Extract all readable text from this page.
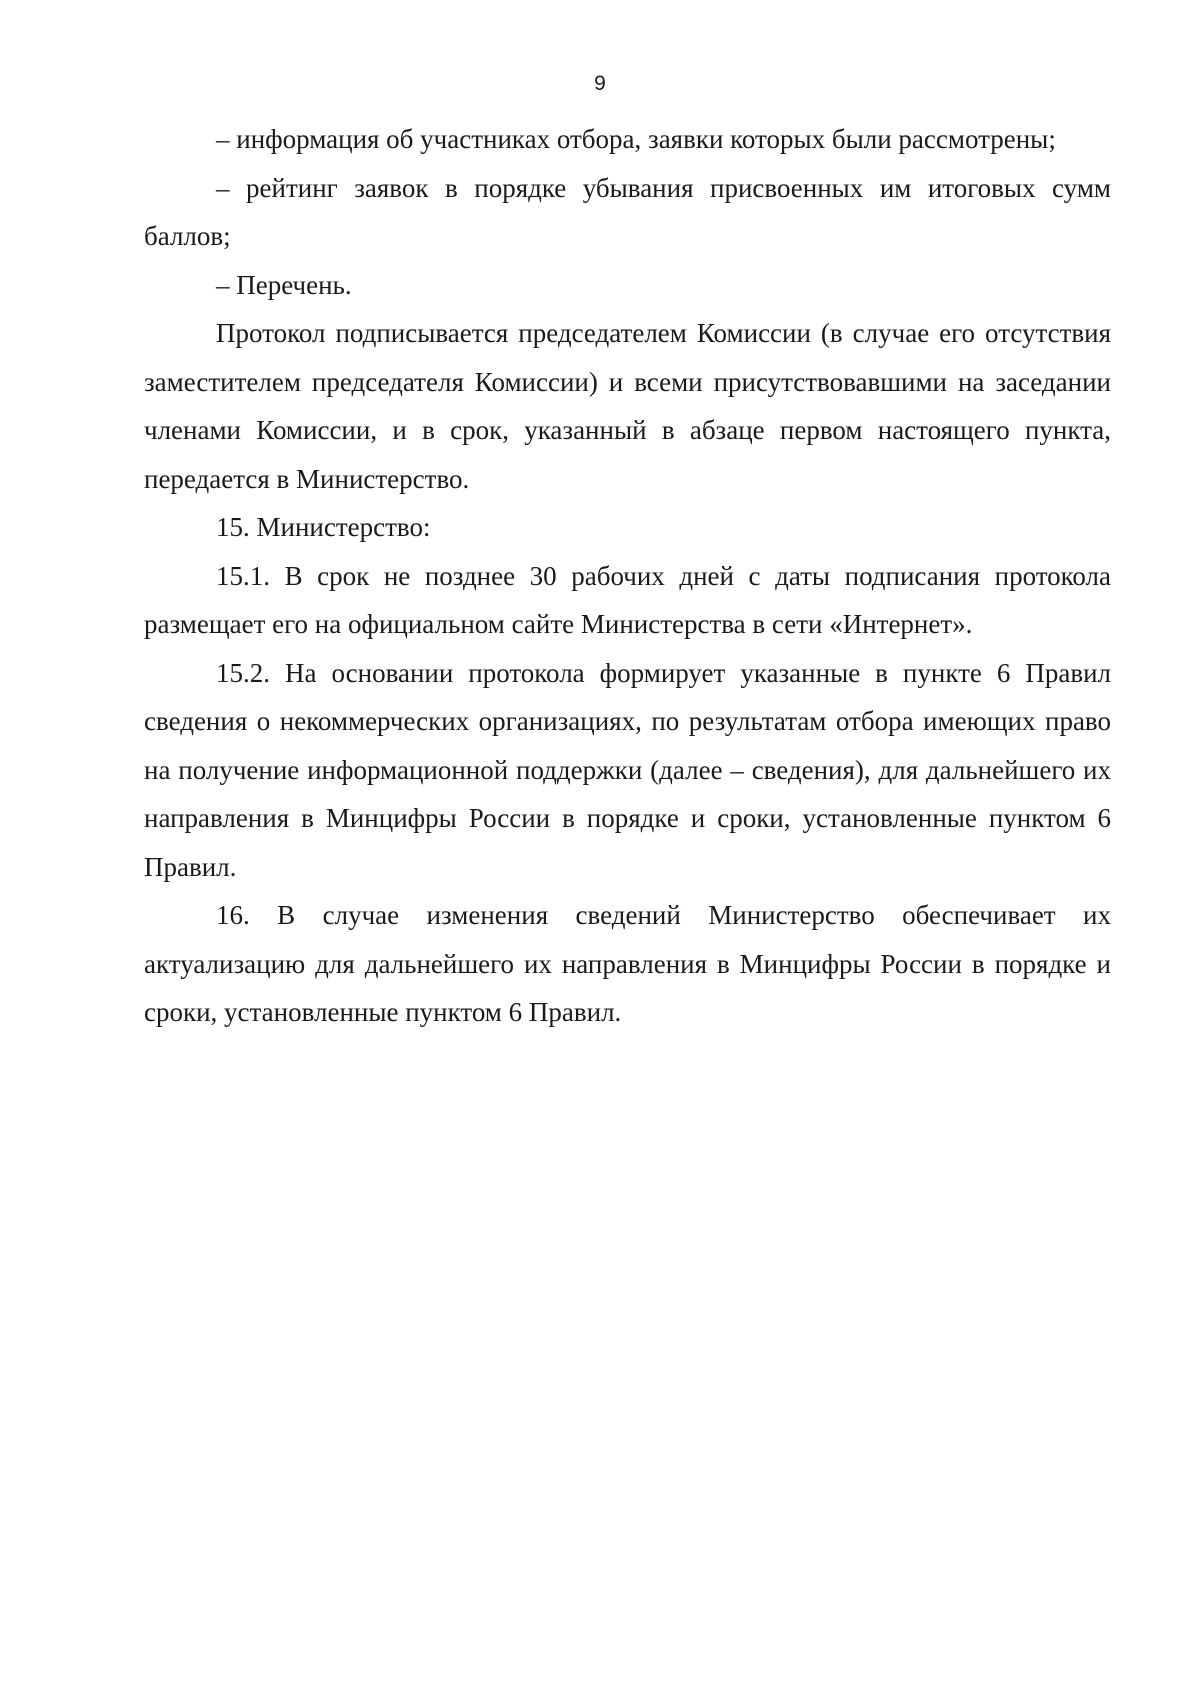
9

– информация об участниках отбора, заявки которых были рассмотрены;

– рейтинг заявок в порядке убывания присвоенных им итоговых сумм баллов;

– Перечень.

Протокол подписывается председателем Комиссии (в случае его отсутствия заместителем председателя Комиссии) и всеми присутствовавшими на заседании членами Комиссии, и в срок, указанный в абзаце первом настоящего пункта, передается в Министерство.

15. Министерство:

15.1. В срок не позднее 30 рабочих дней с даты подписания протокола размещает его на официальном сайте Министерства в сети «Интернет».

15.2. На основании протокола формирует указанные в пункте 6 Правил сведения о некоммерческих организациях, по результатам отбора имеющих право на получение информационной поддержки (далее – сведения), для дальнейшего их направления в Минцифры России в порядке и сроки, установленные пунктом 6 Правил.

16. В случае изменения сведений Министерство обеспечивает их актуализацию для дальнейшего их направления в Минцифры России в порядке и сроки, установленные пунктом 6 Правил.
